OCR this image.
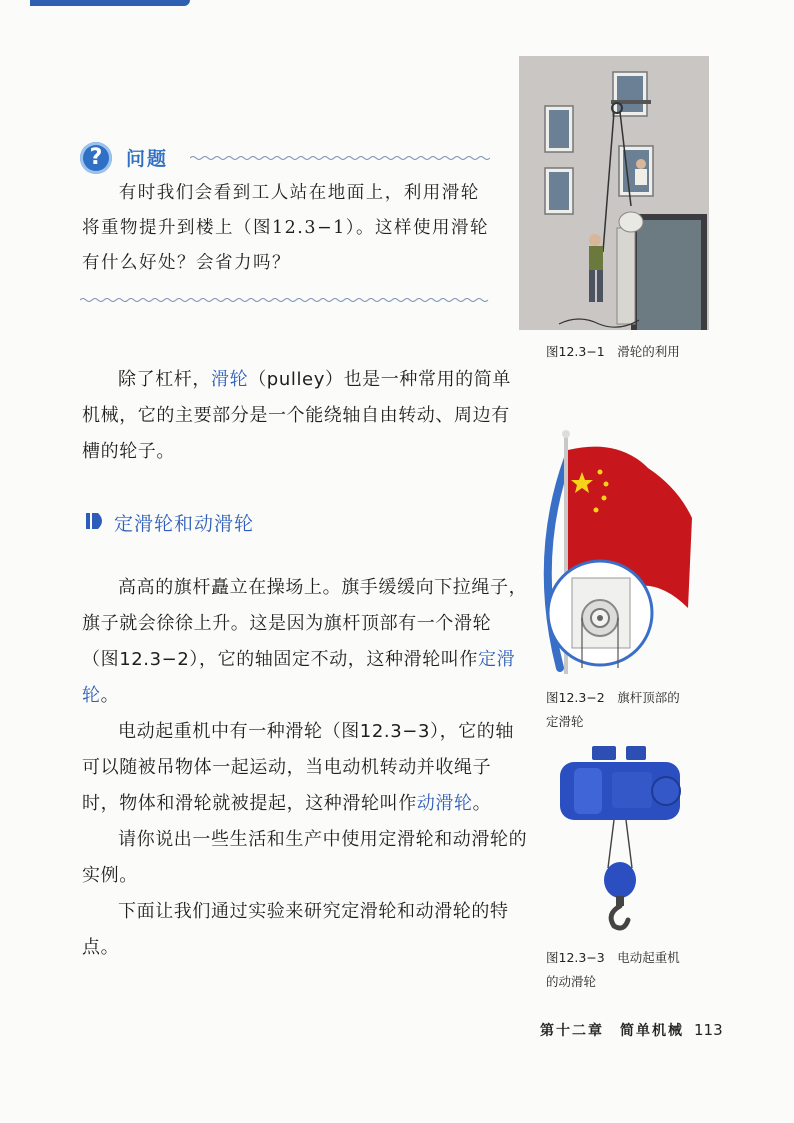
?	问题

有时我们会看到工人站在地面上，利用滑轮

将重物提升到楼上（图12.3−1）。这样使用滑轮

有什么好处？会省力吗？

图12.3−1　滑轮的利用

除了杠杆，滑轮（pulley）也是一种常用的简单机械，它的主要部分是一个能绕轴自由转动、周边有槽的轮子。

定滑轮和动滑轮
图12.3−2　旗杆顶部的
定滑轮

高高的旗杆矗立在操场上。旗手缓缓向下拉绳子，旗子就会徐徐上升。这是因为旗杆顶部有一个滑轮（图12.3−2），它的轴固定不动，这种滑轮叫作定滑轮。

电动起重机中有一种滑轮（图12.3−3），它的轴可以随被吊物体一起运动，当电动机转动并收绳子时，物体和滑轮就被提起，这种滑轮叫作动滑轮。

请你说出一些生活和生产中使用定滑轮和动滑轮的实例。

下面让我们通过实验来研究定滑轮和动滑轮的特点。	图12.3−3　电动起重机
的动滑轮
第十二章　简单机械 113
